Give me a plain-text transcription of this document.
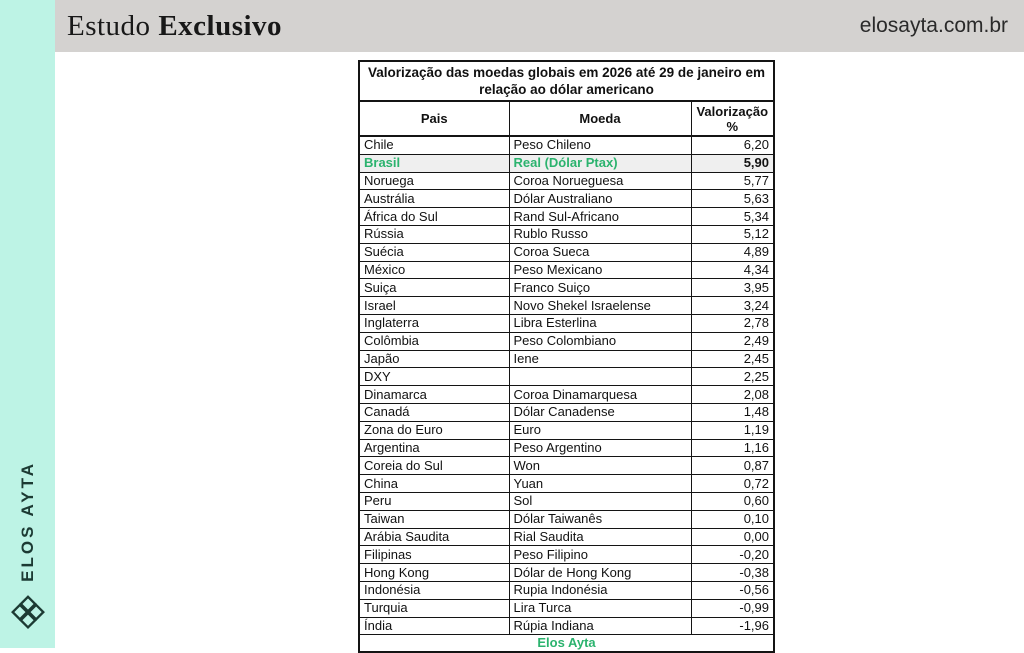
ELOS AYTA
Estudo Exclusivo	elosayta.com.br
Valorização das moedas globais em 2026 até 29 de janeiro em
relação ao dólar americano		

Pais	Moeda	Valorização %
Chile	Peso Chileno	6,20
Brasil	Real (Dólar Ptax)	5,90
Noruega	Coroa Norueguesa	5,77
Austrália	Dólar Australiano	5,63
África do Sul	Rand Sul-Africano	5,34
Rússia	Rublo Russo	5,12
Suécia	Coroa Sueca	4,89
México	Peso Mexicano	4,34
Suiça	Franco Suiço	3,95
Israel	Novo Shekel Israelense	3,24
Inglaterra	Libra Esterlina	2,78
Colômbia	Peso Colombiano	2,49
Japão	Iene	2,45
DXY		2,25
Dinamarca	Coroa Dinamarquesa	2,08
Canadá	Dólar Canadense	1,48
Zona do Euro	Euro	1,19
Argentina	Peso Argentino	1,16
Coreia do Sul	Won	0,87
China	Yuan	0,72
Peru	Sol	0,60
Taiwan	Dólar Taiwanês	0,10
Arábia Saudita	Rial Saudita	0,00
Filipinas	Peso Filipino	-0,20
Hong Kong	Dólar de Hong Kong	-0,38
Indonésia	Rupia Indonésia	-0,56
Turquia	Lira Turca	-0,99
Índia	Rúpia Indiana	-1,96
Elos Ayta		
